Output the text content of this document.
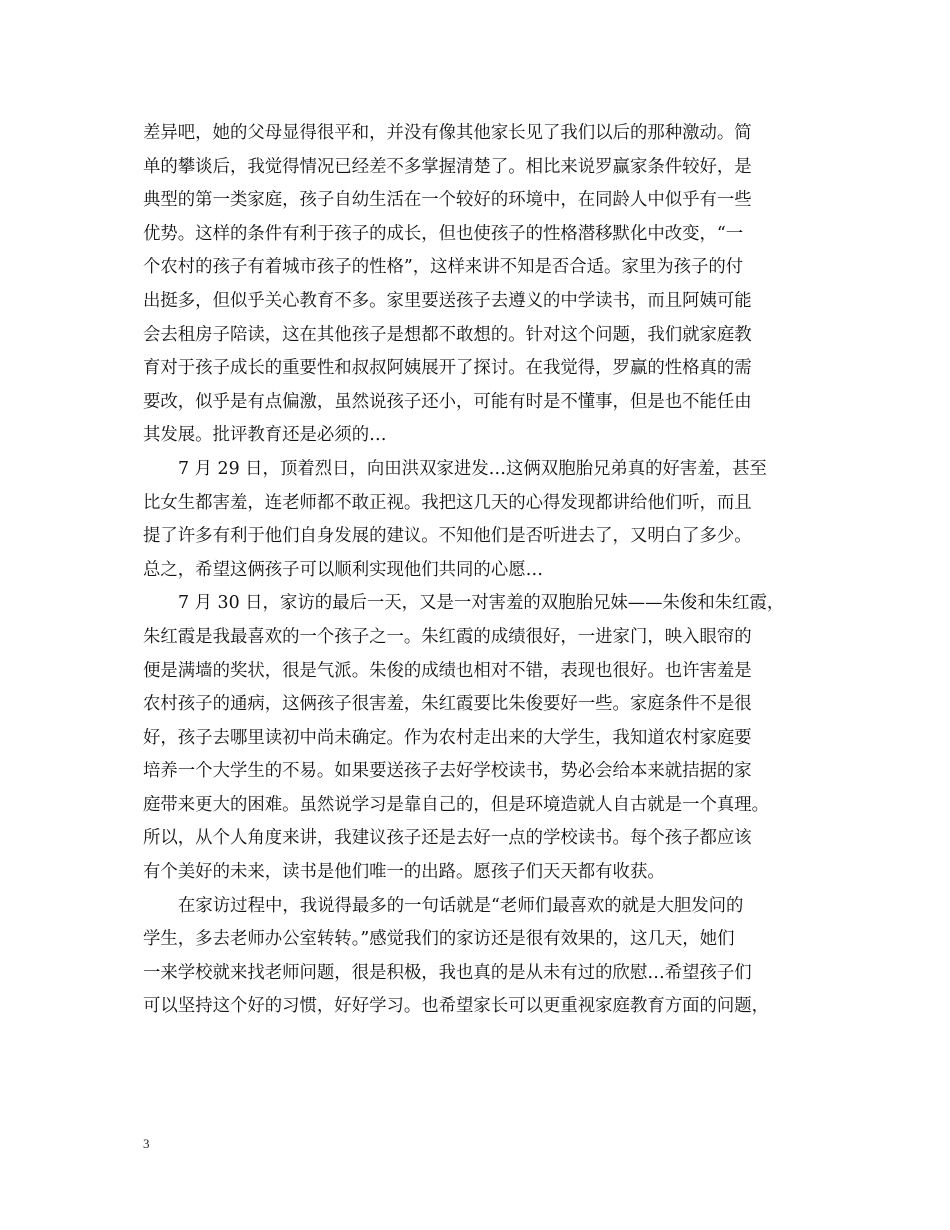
差异吧，她的父母显得很平和，并没有像其他家长见了我们以后的那种激动。简
单的攀谈后，我觉得情况已经差不多掌握清楚了。相比来说罗赢家条件较好，是
典型的第一类家庭，孩子自幼生活在一个较好的环境中，在同龄人中似乎有一些
优势。这样的条件有利于孩子的成长，但也使孩子的性格潜移默化中改变，“一
个农村的孩子有着城市孩子的性格”，这样来讲不知是否合适。家里为孩子的付
出挺多，但似乎关心教育不多。家里要送孩子去遵义的中学读书，而且阿姨可能
会去租房子陪读，这在其他孩子是想都不敢想的。针对这个问题，我们就家庭教
育对于孩子成长的重要性和叔叔阿姨展开了探讨。在我觉得，罗赢的性格真的需
要改，似乎是有点偏激，虽然说孩子还小，可能有时是不懂事，但是也不能任由
其发展。批评教育还是必须的…
7 月 29 日，顶着烈日，向田洪双家进发…这俩双胞胎兄弟真的好害羞，甚至
比女生都害羞，连老师都不敢正视。我把这几天的心得发现都讲给他们听，而且
提了许多有利于他们自身发展的建议。不知他们是否听进去了，又明白了多少。
总之，希望这俩孩子可以顺利实现他们共同的心愿…
7 月 30 日，家访的最后一天，又是一对害羞的双胞胎兄妹——朱俊和朱红霞，
朱红霞是我最喜欢的一个孩子之一。朱红霞的成绩很好，一进家门，映入眼帘的
便是满墙的奖状，很是气派。朱俊的成绩也相对不错，表现也很好。也许害羞是
农村孩子的通病，这俩孩子很害羞，朱红霞要比朱俊要好一些。家庭条件不是很
好，孩子去哪里读初中尚未确定。作为农村走出来的大学生，我知道农村家庭要
培养一个大学生的不易。如果要送孩子去好学校读书，势必会给本来就拮据的家
庭带来更大的困难。虽然说学习是靠自己的，但是环境造就人自古就是一个真理。
所以，从个人角度来讲，我建议孩子还是去好一点的学校读书。每个孩子都应该
有个美好的未来，读书是他们唯一的出路。愿孩子们天天都有收获。
在家访过程中，我说得最多的一句话就是“老师们最喜欢的就是大胆发问的
学生，多去老师办公室转转。”感觉我们的家访还是很有效果的，这几天，她们
一来学校就来找老师问题，很是积极，我也真的是从未有过的欣慰…希望孩子们
可以坚持这个好的习惯，好好学习。也希望家长可以更重视家庭教育方面的问题，
3
